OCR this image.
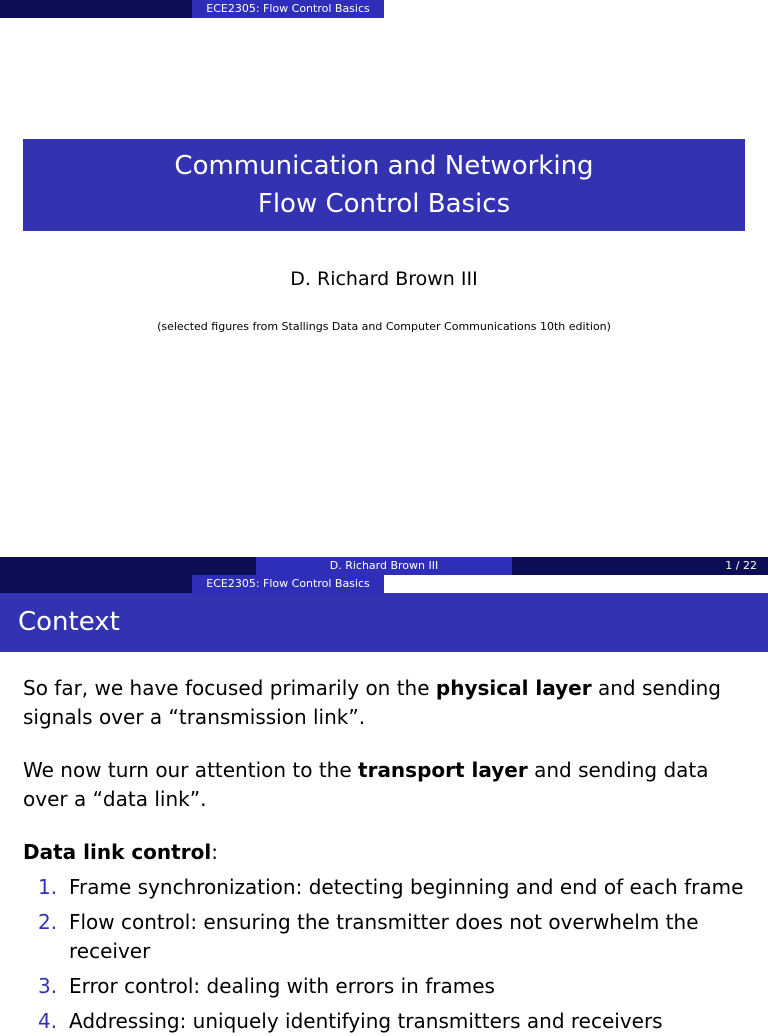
ECE2305: Flow Control Basics
Communication and Networking
Flow Control Basics
D. Richard Brown III
(selected figures from Stallings Data and Computer Communications 10th edition)
D. Richard Brown III	1 / 22
ECE2305: Flow Control Basics
Context
So far, we have focused primarily on the physical layer and sending signals over a “transmission link”.
We now turn our attention to the transport layer and sending data over a “data link”.
Data link control:
1. Frame synchronization: detecting beginning and end of each frame
2. Flow control: ensuring the transmitter does not overwhelm the receiver
3. Error control: dealing with errors in frames
4. Addressing: uniquely identifying transmitters and receivers
